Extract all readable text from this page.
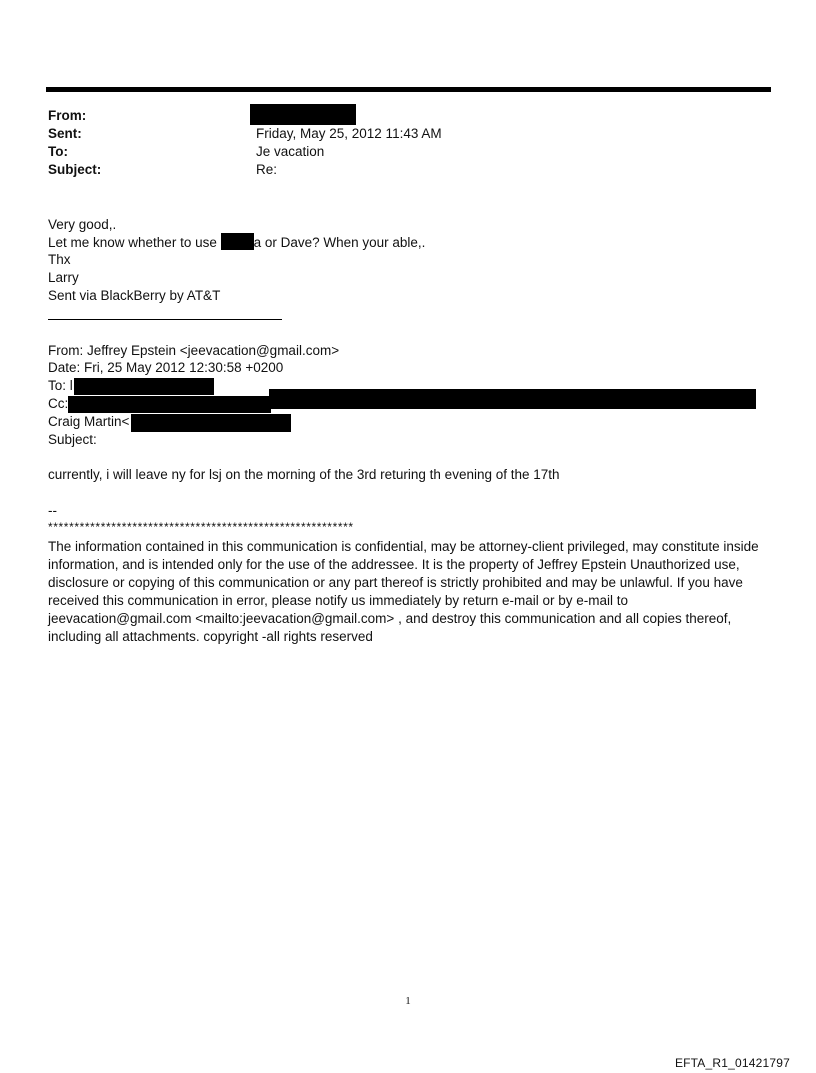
From:
Sent:	Friday, May 25, 2012 11:43 AM
To:	Je vacation
Subject:	Re:
Very good,.
Let me know whether to use a or Dave? When your able,.
Thx
Larry
Sent via BlackBerry by AT&T
From: Jeffrey Epstein <jeevacation@gmail.com>
Date: Fri, 25 May 2012 12:30:58 +0200
To: l
Cc:
Craig Martin<
Subject:
currently, i will leave ny for lsj on the morning of the 3rd returing th evening of the 17th
--
**********************************************************
The information contained in this communication is confidential, may be attorney-client privileged, may constitute inside information, and is intended only for the use of the addressee. It is the property of Jeffrey Epstein Unauthorized use, disclosure or copying of this communication or any part thereof is strictly prohibited and may be unlawful. If you have received this communication in error, please notify us immediately by return e-mail or by e-mail to jeevacation@gmail.com <mailto:jeevacation@gmail.com> , and destroy this communication and all copies thereof, including all attachments. copyright -all rights reserved
1
EFTA_R1_01421797
